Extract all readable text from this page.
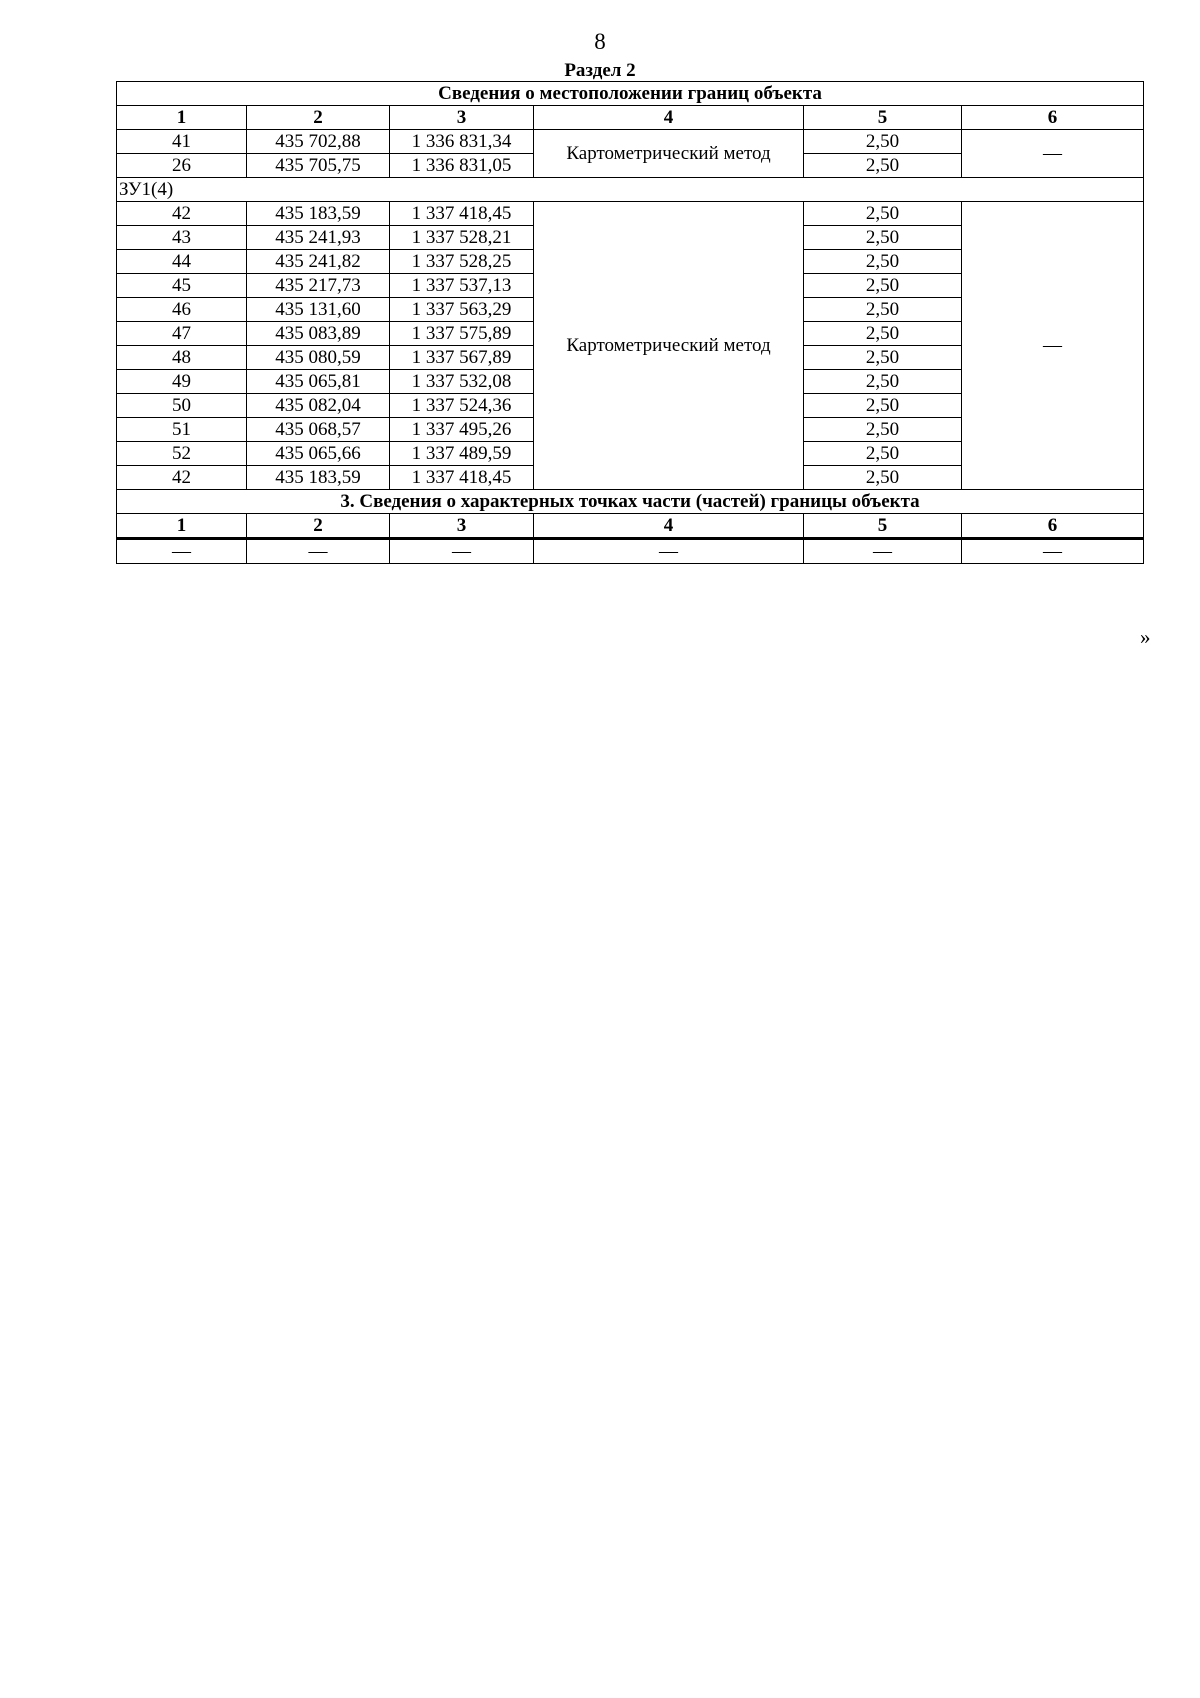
8
Раздел 2
Сведения о местоположении границ объекта					
1	2	3	4	5	6
41	435 702,88	1 336 831,34	Картометрический метод	2,50	—
26	435 705,75	1 336 831,05		2,50	
ЗУ1(4)					
42	435 183,59	1 337 418,45	Картометрический метод	2,50	—
43	435 241,93	1 337 528,21		2,50	
44	435 241,82	1 337 528,25		2,50	
45	435 217,73	1 337 537,13		2,50	
46	435 131,60	1 337 563,29		2,50	
47	435 083,89	1 337 575,89		2,50	
48	435 080,59	1 337 567,89		2,50	
49	435 065,81	1 337 532,08		2,50	
50	435 082,04	1 337 524,36		2,50	
51	435 068,57	1 337 495,26		2,50	
52	435 065,66	1 337 489,59		2,50	
42	435 183,59	1 337 418,45		2,50	
3. Сведения о характерных точках части (частей) границы объекта					
1	2	3	4	5	6
—	—	—	—	—	—
»
